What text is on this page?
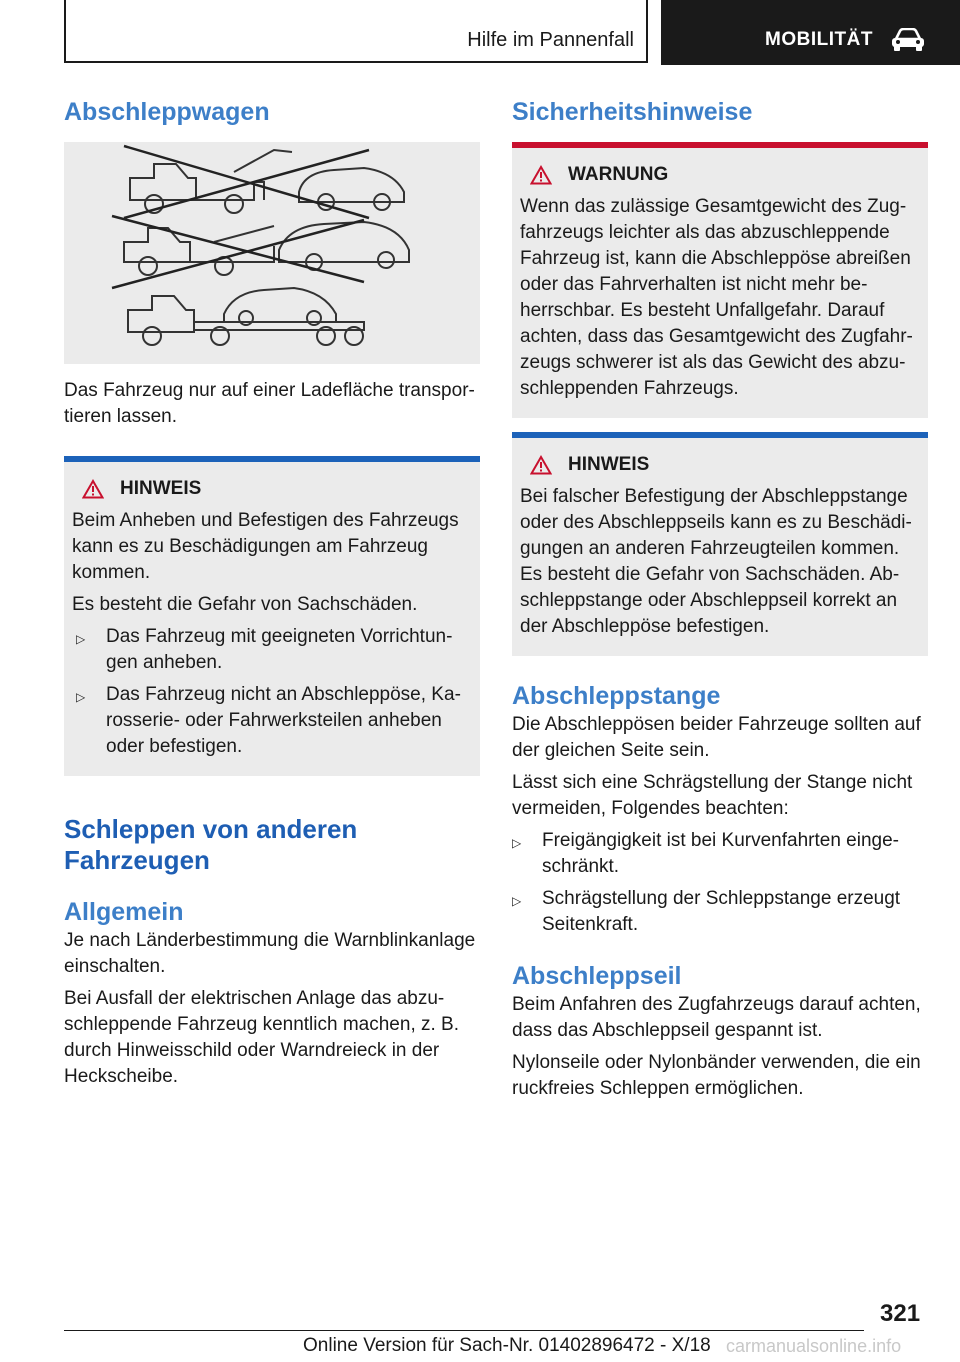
Hilfe im Pannenfall	MOBILITÄT
Abschleppwagen

Das Fahrzeug nur auf einer Ladefläche transportieren lassen.

HINWEIS

Beim Anheben und Befestigen des Fahrzeugs kann es zu Beschädigungen am Fahrzeug kommen.

Es besteht die Gefahr von Sachschäden.

▷	Das Fahrzeug mit geeigneten Vorrichtungen anheben.
▷	Das Fahrzeug nicht an Abschleppöse, Karosserie- oder Fahrwerksteilen anheben oder befestigen.
Schleppen von anderen Fahrzeugen
Allgemein

Je nach Länderbestimmung die Warnblinkanlage einschalten.

Bei Ausfall der elektrischen Anlage das abzuschleppende Fahrzeug kenntlich machen, z. B. durch Hinweisschild oder Warndreieck in der Heckscheibe.

Sicherheitshinweise
WARNUNG

Wenn das zulässige Gesamtgewicht des Zugfahrzeugs leichter als das abzuschleppende Fahrzeug ist, kann die Abschleppöse abreißen oder das Fahrverhalten ist nicht mehr beherrschbar. Es besteht Unfallgefahr. Darauf achten, dass das Gesamtgewicht des Zugfahrzeugs schwerer ist als das Gewicht des abzuschleppenden Fahrzeugs.

HINWEIS

Bei falscher Befestigung der Abschleppstange oder des Abschleppseils kann es zu Beschädigungen an anderen Fahrzeugteilen kommen. Es besteht die Gefahr von Sachschäden. Abschleppstange oder Abschleppseil korrekt an der Abschleppöse befestigen.

Abschleppstange

Die Abschleppösen beider Fahrzeuge sollten auf der gleichen Seite sein.

Lässt sich eine Schrägstellung der Stange nicht vermeiden, Folgendes beachten:

▷	Freigängigkeit ist bei Kurvenfahrten eingeschränkt.
▷	Schrägstellung der Schleppstange erzeugt Seitenkraft.
Abschleppseil

Beim Anfahren des Zugfahrzeugs darauf achten, dass das Abschleppseil gespannt ist.

Nylonseile oder Nylonbänder verwenden, die ein ruckfreies Schleppen ermöglichen.

321
Online Version für Sach-Nr. 01402896472 - X/18 carmanualsonline.info
